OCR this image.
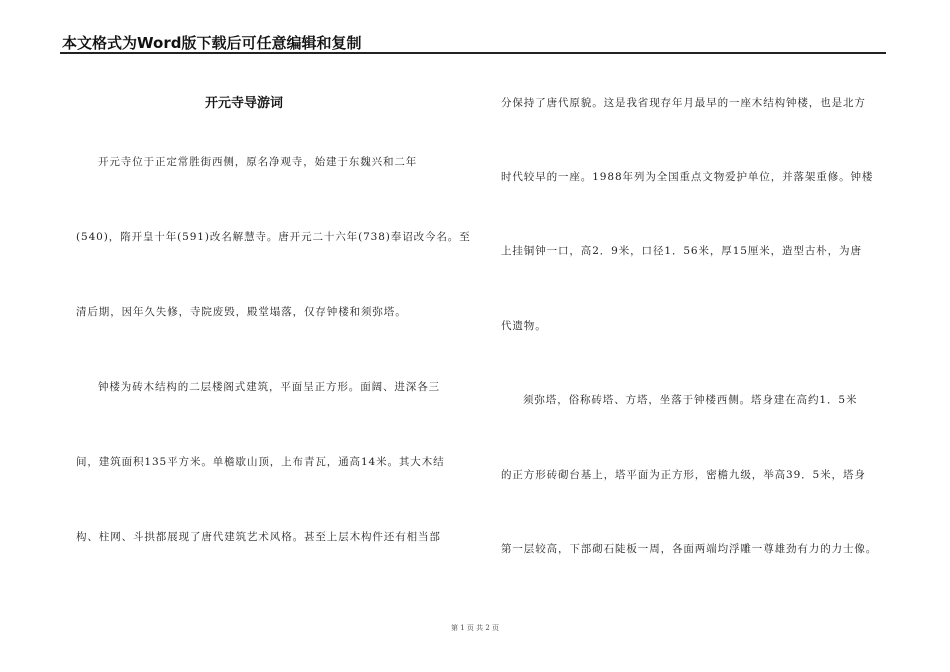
本文格式为Word版下载后可任意编辑和复制
开元寺导游词
开元寺位于正定常胜街西侧，原名净观寺，始建于东魏兴和二年
(540)，隋开皇十年(591)改名解慧寺。唐开元二十六年(738)奉诏改今名。至
清后期，因年久失修，寺院废毁，殿堂塌落，仅存钟楼和须弥塔。
钟楼为砖木结构的二层楼阁式建筑，平面呈正方形。面阔、进深各三
间，建筑面积135平方米。单檐歇山顶，上布青瓦，通高14米。其大木结
构、柱网、斗拱都展现了唐代建筑艺术风格。甚至上层木构件还有相当部
分保持了唐代原貌。这是我省现存年月最早的一座木结构钟楼，也是北方
时代较早的一座。1988年列为全国重点文物爱护单位，并落架重修。钟楼
上挂铜钟一口，高2．9米，口径1．56米，厚15厘米，造型古朴，为唐
代遗物。
须弥塔，俗称砖塔、方塔，坐落于钟楼西侧。塔身建在高约1．5米
的正方形砖砌台基上，塔平面为正方形，密檐九级，举高39．5米，塔身
第一层较高，下部砌石陡板一周，各面两端均浮雕一尊雄劲有力的力士像。
第 1 页 共 2 页
